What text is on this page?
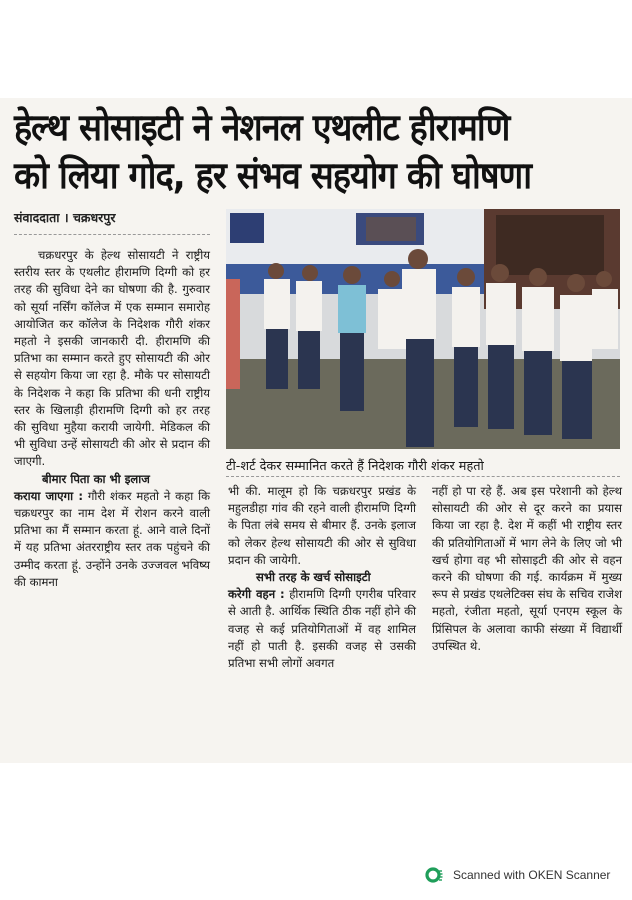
हेल्थ सोसाइटी ने नेशनल एथलीट हीरामणि
को लिया गोद, हर संभव सहयोग की घोषणा
संवाददाता । चक्रधरपुर

चक्रधरपुर के हेल्थ सोसायटी ने राष्ट्रीय स्तरीय स्तर के एथलीट हीरामणि दिग्गी को हर तरह की सुविधा देने का घोषणा की है. गुरुवार को सूर्या नर्सिंग कॉलेज में एक सम्मान समारोह आयोजित कर कॉलेज के निदेशक गौरी शंकर महतो ने इसकी जानकारी दी. हीरामणि की प्रतिभा का सम्मान करते हुए सोसायटी की ओर से सहयोग किया जा रहा है. मौके पर सोसायटी के निदेशक ने कहा कि प्रतिभा की धनी राष्ट्रीय स्तर के खिलाड़ी हीरामणि दिग्गी को हर तरह की सुविधा मुहैया करायी जायेगी. मेडिकल की भी सुविधा उन्हें सोसायटी की ओर से प्रदान की जाएगी.

बीमार पिता का भी इलाज
कराया जाएगा : गौरी शंकर महतो ने कहा कि चक्रधरपुर का नाम देश में रोशन करने वाली प्रतिभा का मैं सम्मान करता हूं. आने वाले दिनों में यह प्रतिभा अंतरराष्ट्रीय स्तर तक पहुंचने की उम्मीद करता हूं. उन्होंने उनके उज्जवल भविष्य की कामना

टी-शर्ट देकर सम्मानित करते हैं निदेशक गौरी शंकर महतो

भी की. मालूम हो कि चक्रधरपुर प्रखंड के महुलडीहा गांव की रहने वाली हीरामणि दिग्गी के पिता लंबे समय से बीमार हैं. उनके इलाज को लेकर हेल्थ सोसायटी की ओर से सुविधा प्रदान की जायेगी.

सभी तरह के खर्च सोसाइटी
करेगी वहन : हीरामणि दिग्गी एगरीब परिवार से आती है. आर्थिक स्थिति ठीक नहीं होने की वजह से कई प्रतियोगिताओं में वह शामिल नहीं हो पाती है. इसकी वजह से उसकी प्रतिभा सभी लोगों अवगत

नहीं हो पा रहे हैं. अब इस परेशानी को हेल्थ सोसायटी की ओर से दूर करने का प्रयास किया जा रहा है. देश में कहीं भी राष्ट्रीय स्तर की प्रतियोगिताओं में भाग लेने के लिए जो भी खर्च होगा वह भी सोसाइटी की ओर से वहन करने की घोषणा की गई. कार्यक्रम में मुख्य रूप से प्रखंड एथलेटिक्स संघ के सचिव राजेश महतो, रंजीता महतो, सूर्या एनएम स्कूल के प्रिंसिपल के अलावा काफी संख्या में विद्यार्थी उपस्थित थे.

Scanned with OKEN Scanner
